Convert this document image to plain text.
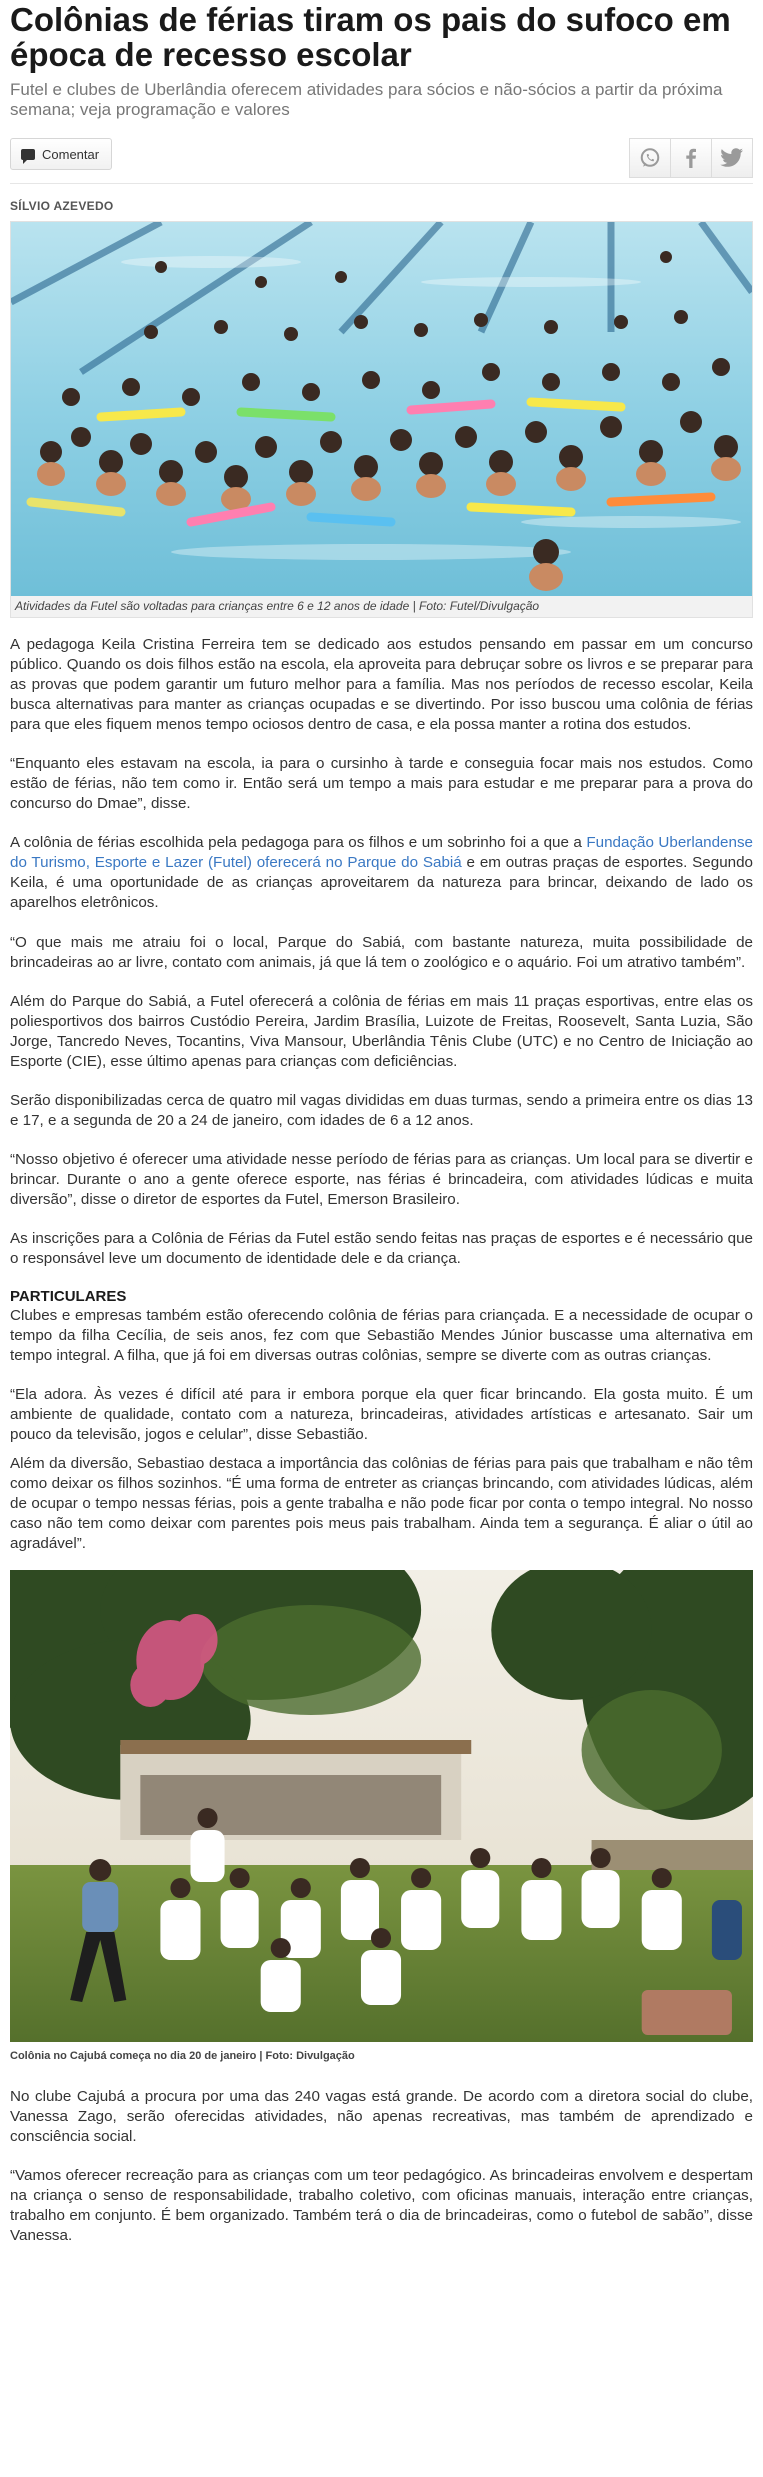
Colônias de férias tiram os pais do sufoco em época de recesso escolar
Futel e clubes de Uberlândia oferecem atividades para sócios e não-sócios a partir da próxima semana; veja programação e valores
Comentar
SÍLVIO AZEVEDO
Atividades da Futel são voltadas para crianças entre 6 e 12 anos de idade | Foto: Futel/Divulgação

A pedagoga Keila Cristina Ferreira tem se dedicado aos estudos pensando em passar em um concurso público. Quando os dois filhos estão na escola, ela aproveita para debruçar sobre os livros e se preparar para as provas que podem garantir um futuro melhor para a família. Mas nos períodos de recesso escolar, Keila busca alternativas para manter as crianças ocupadas e se divertindo. Por isso buscou uma colônia de férias para que eles fiquem menos tempo ociosos dentro de casa, e ela possa manter a rotina dos estudos.

“Enquanto eles estavam na escola, ia para o cursinho à tarde e conseguia focar mais nos estudos. Como estão de férias, não tem como ir. Então será um tempo a mais para estudar e me preparar para a prova do concurso do Dmae”, disse.

A colônia de férias escolhida pela pedagoga para os filhos e um sobrinho foi a que a Fundação Uberlandense do Turismo, Esporte e Lazer (Futel) oferecerá no Parque do Sabiá e em outras praças de esportes. Segundo Keila, é uma oportunidade de as crianças aproveitarem da natureza para brincar, deixando de lado os aparelhos eletrônicos.

“O que mais me atraiu foi o local, Parque do Sabiá, com bastante natureza, muita possibilidade de brincadeiras ao ar livre, contato com animais, já que lá tem o zoológico e o aquário. Foi um atrativo também”.

Além do Parque do Sabiá, a Futel oferecerá a colônia de férias em mais 11 praças esportivas, entre elas os poliesportivos dos bairros Custódio Pereira, Jardim Brasília, Luizote de Freitas, Roosevelt, Santa Luzia, São Jorge, Tancredo Neves, Tocantins, Viva Mansour, Uberlândia Tênis Clube (UTC) e no Centro de Iniciação ao Esporte (CIE), esse último apenas para crianças com deficiências.

Serão disponibilizadas cerca de quatro mil vagas divididas em duas turmas, sendo a primeira entre os dias 13 e 17, e a segunda de 20 a 24 de janeiro, com idades de 6 a 12 anos.

“Nosso objetivo é oferecer uma atividade nesse período de férias para as crianças. Um local para se divertir e brincar. Durante o ano a gente oferece esporte, nas férias é brincadeira, com atividades lúdicas e muita diversão”, disse o diretor de esportes da Futel, Emerson Brasileiro.

As inscrições para a Colônia de Férias da Futel estão sendo feitas nas praças de esportes e é necessário que o responsável leve um documento de identidade dele e da criança.

PARTICULARES

Clubes e empresas também estão oferecendo colônia de férias para criançada. E a necessidade de ocupar o tempo da filha Cecília, de seis anos, fez com que Sebastião Mendes Júnior buscasse uma alternativa em tempo integral. A filha, que já foi em diversas outras colônias, sempre se diverte com as outras crianças.

“Ela adora. Às vezes é difícil até para ir embora porque ela quer ficar brincando. Ela gosta muito. É um ambiente de qualidade, contato com a natureza, brincadeiras, atividades artísticas e artesanato. Sair um pouco da televisão, jogos e celular”, disse Sebastião.

Além da diversão, Sebastiao destaca a importância das colônias de férias para pais que trabalham e não têm como deixar os filhos sozinhos. “É uma forma de entreter as crianças brincando, com atividades lúdicas, além de ocupar o tempo nessas férias, pois a gente trabalha e não pode ficar por conta o tempo integral. No nosso caso não tem como deixar com parentes pois meus pais trabalham. Ainda tem a segurança. É aliar o útil ao agradável”.

Colônia no Cajubá começa no dia 20 de janeiro | Foto: Divulgação

No clube Cajubá a procura por uma das 240 vagas está grande. De acordo com a diretora social do clube, Vanessa Zago, serão oferecidas atividades, não apenas recreativas, mas também de aprendizado e consciência social.

“Vamos oferecer recreação para as crianças com um teor pedagógico. As brincadeiras envolvem e despertam na criança o senso de responsabilidade, trabalho coletivo, com oficinas manuais, interação entre crianças, trabalho em conjunto. É bem organizado. Também terá o dia de brincadeiras, como o futebol de sabão”, disse Vanessa.
